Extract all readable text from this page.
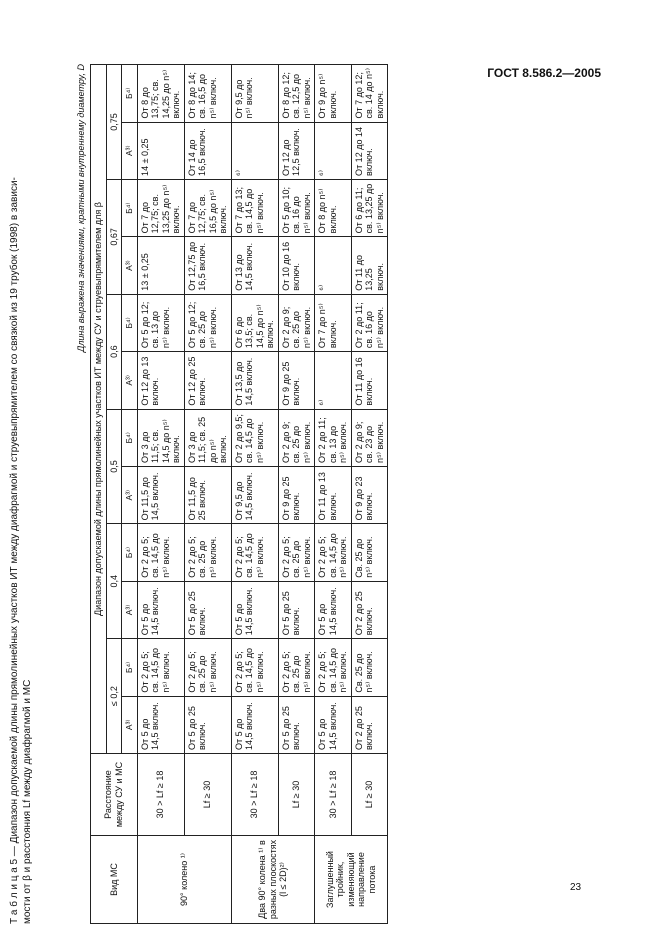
ГОСТ 8.586.2—2005
Т а б л и ц а 5 — Диапазон допускаемой длины прямолинейных участков ИТ между диафрагмой и струевыпрямителем со связкой из 19 трубок (1998) в зависи- мости от β и расстояния Lf между диафрагмой и МС
Длина выражена значениями, кратными внутреннему диаметру, D
Вид МС	Расстояние между СУ и МС	Диапазон допускаемой длины прямолинейных участков ИТ между СУ и струевыпрямителем для β											
		≤ 0,2		0,4		0,5		0,6		0,67		0,75	
		А³⁾	Б⁴⁾	А³⁾	Б⁴⁾	А³⁾	Б⁴⁾	А³⁾	Б⁴⁾	А³⁾	Б⁴⁾	А³⁾	Б⁴⁾
90° колено ¹⁾	30 > Lf ≥ 18	От 5 до 14,5 включ.	От 2 до 5; св. 14,5 до n⁵⁾ включ.	От 5 до 14,5 включ.	От 2 до 5; св. 14,5 до n⁵⁾ включ.	От 11,5 до 14,5 включ.	От 3 до 11,5; св. 14,5 до n⁵⁾ включ.	От 12 до 13 включ.	От 5 до 12; св. 13 до n⁵⁾ включ.	13 ± 0,25	От 7 до 12,75; св. 13,25 до n⁵⁾ включ.	14 ± 0,25	От 8 до 13,75; св. 14,25 до n⁵⁾ включ.
	Lf ≥ 30	От 5 до 25 включ.	От 2 до 5; св. 25 до n⁵⁾ включ.	От 5 до 25 включ.	От 2 до 5; св. 25 до n⁵⁾ включ.	От 11,5 до 25 включ.	От 3 до 11,5; св. 25 до n⁵⁾ включ.	От 12 до 25 включ.	От 5 до 12; св. 25 до n⁵⁾ включ.	От 12,75 до 16,5 включ.	От 7 до 12,75; св. 16,5 до n⁵⁾ включ.	От 14 до 16,5 включ.	От 8 до 14; св. 16,5 до n⁵⁾ включ.
Два 90° колена ¹⁾ в разных плоскостях (l ≤ 2D)²⁾	30 > Lf ≥ 18	От 5 до 14,5 включ.	От 2 до 5; св. 14,5 до n⁵⁾ включ.	От 5 до 14,5 включ.	От 2 до 5; св. 14,5 до n⁵⁾ включ.	От 9,5 до 14,5 включ.	От 2 до 9,5; св. 14,5 до n⁵⁾ включ.	От 13,5 до 14,5 включ.	От 6 до 13,5; св. 14,5 до n⁵⁾ включ.	От 13 до 14,5 включ.	От 7 до 13; св. 14,5 до n⁵⁾ включ.	⁶⁾	От 9,5 до n⁵⁾ включ.
	Lf ≥ 30	От 5 до 25 включ.	От 2 до 5; св. 25 до n⁵⁾ включ.	От 5 до 25 включ.	От 2 до 5; св. 25 до n⁵⁾ включ.	От 9 до 25 включ.	От 2 до 9; св. 25 до n⁵⁾ включ.	От 9 до 25 включ.	От 2 до 9; св. 25 до n⁵⁾ включ.	От 10 до 16 включ.	От 5 до 10; св. 16 до n⁵⁾ включ.	От 12 до 12,5 включ.	От 8 до 12; св. 12,5 до n⁵⁾ включ.
Заглушенный тройник, изменяющий направление потока	30 > Lf ≥ 18	От 5 до 14,5 включ.	От 2 до 5; св. 14,5 до n⁵⁾ включ.	От 5 до 14,5 включ.	От 2 до 5; св. 14,5 до n⁵⁾ включ.	От 11 до 13 включ.	От 2 до 11; св. 13 до n⁵⁾ включ.	⁶⁾	От 7 до n⁵⁾ включ.	⁶⁾	От 8 до n⁵⁾ включ.	⁶⁾	От 9 до n⁵⁾ включ.
	Lf ≥ 30	От 2 до 25 включ.	Св. 25 до n⁵⁾ включ.	От 2 до 25 включ.	Св. 25 до n⁵⁾ включ.	От 9 до 23 включ.	От 2 до 9; св. 23 до n⁵⁾ включ.	От 11 до 16 включ.	От 2 до 11; св. 16 до n⁵⁾ включ.	От 11 до 13,25 включ.	От 6 до 11; св. 13,25 до n⁵⁾ включ.	От 12 до 14 включ.	От 7 до 12; св. 14 до n⁵⁾ включ.
23
